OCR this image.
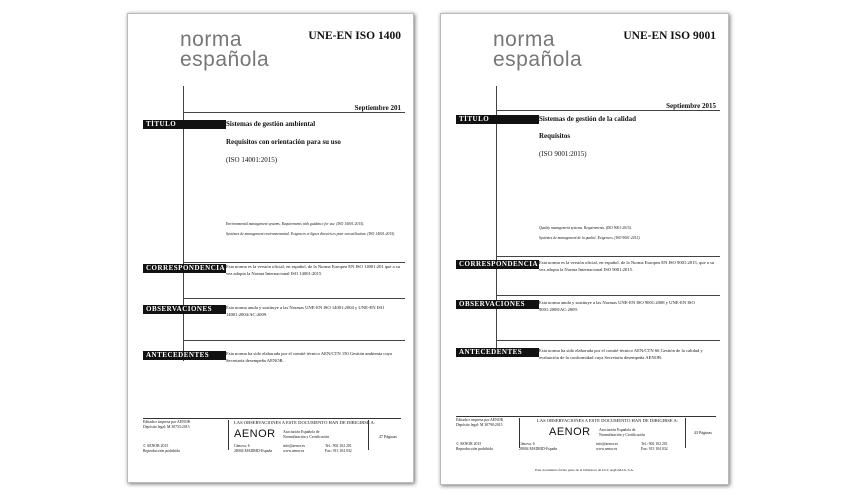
norma
española
UNE-EN ISO 1400
Septiembre 201
TÍTULO	Sistemas de gestión ambiental
Requisitos con orientación para su uso
(ISO 14001:2015)
Environmental management systems. Requirements with guidance for use. (ISO 14001:2015).
Systèmes de management environnemental. Exigences et lignes directrices pour son utilisation. (ISO 14001:2015).
CORRESPONDENCIA Esta norma es la versión oficial, en español, de la Norma Europea EN ISO 14001:201 que a su vez adopta la Norma Internacional ISO 14001:2015.
OBSERVACIONES	Esta norma anula y sustituye a las Normas UNE-EN ISO 14001:2004 y UNE-EN ISO 14001:2004/AC:2009.
ANTECEDENTES	Esta norma ha sido elaborada por el comité técnico AEN/CTN 150 Gestión ambienta cuya Secretaría desempeña AENOR.
Editada e impresa por AENOR
Depósito legal: M 30753:2015
© AENOR 2015
Reproducción prohibida
LAS OBSERVACIONES A ESTE DOCUMENTO HAN DE DIRIGIRSE A:
AENOR Asociación Española de
Normalización y Certificación
Génova, 6
28004 MADRID-España
info@aenor.es
www.aenor.es
Tel.: 902 102 201
Fax: 913 104 032
47 Páginas
norma
española
UNE-EN ISO 9001
Septiembre 2015
TÍTULO	Sistemas de gestión de la calidad
Requisitos
(ISO 9001:2015)
Quality management systems. Requirements. (ISO 9001:2015).
Systèmes de management de la qualité. Exigences. (ISO 9001:2015).
CORRESPONDENCIA Esta norma es la versión oficial, en español, de la Norma Europea EN ISO 9001:2015, que a su vez adopta la Norma Internacional ISO 9001:2015.
OBSERVACIONES	Esta norma anula y sustituye a las Normas UNE-EN ISO 9001:2008 y UNE-EN ISO 9001:2008/AC:2009.
ANTECEDENTES	Esta norma ha sido elaborada por el comité técnico AEN/CTN 66 Gestión de la calidad y evaluación de la conformidad cuya Secretaría desempeña AENOR.
Editada e impresa por AENOR
Depósito legal: M 30790:2015
© AENOR 2015
Reproducción prohibida
LAS OBSERVACIONES A ESTE DOCUMENTO HAN DE DIRIGIRSE A:
AENOR Asociación Española de
Normalización y Certificación
Génova, 6
28004 MADRID-España
info@aenor.es
www.aenor.es
Tel.: 902 102 201
Fax: 913 104 032
43 Páginas
Este documento forma parte de la biblioteca de UCC AQUALIA, S.A.
